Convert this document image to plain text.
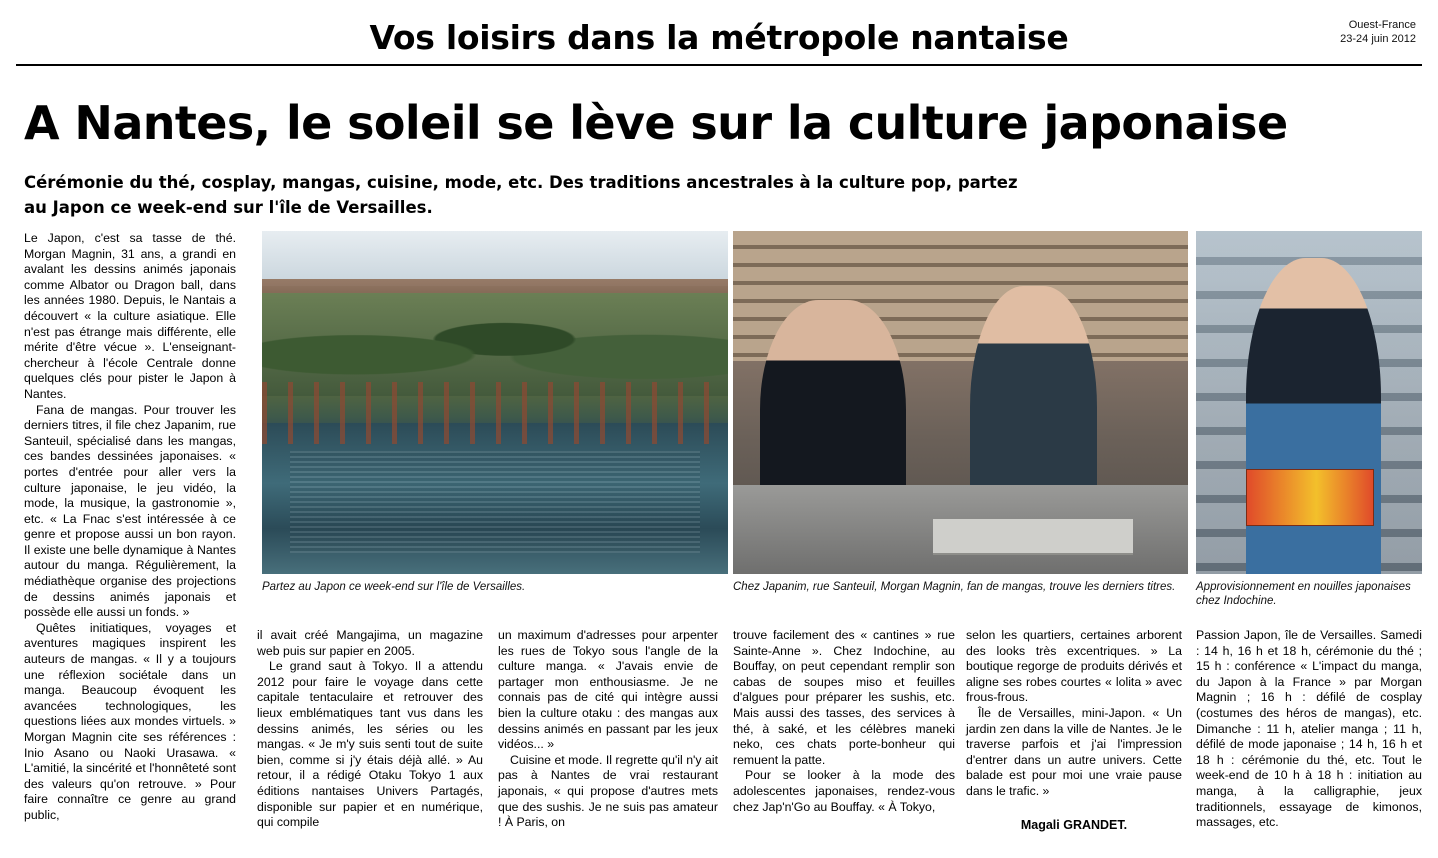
Vos loisirs dans la métropole nantaise	Ouest-France
23-24 juin 2012
A Nantes, le soleil se lève sur la culture japonaise
Cérémonie du thé, cosplay, mangas, cuisine, mode, etc. Des traditions ancestrales à la culture pop, partez au Japon ce week-end sur l'île de Versailles.
Partez au Japon ce week-end sur l'île de Versailles.	Chez Japanim, rue Santeuil, Morgan Magnin, fan de mangas, trouve les derniers titres.	Approvisionnement en nouilles japonaises chez Indochine.

Le Japon, c'est sa tasse de thé. Morgan Magnin, 31 ans, a grandi en avalant les dessins animés japonais comme Albator ou Dragon ball, dans les années 1980. Depuis, le Nantais a découvert « la culture asiatique. Elle n'est pas étrange mais différente, elle mérite d'être vécue ». L'enseignant-chercheur à l'école Centrale donne quelques clés pour pister le Japon à Nantes.

Fana de mangas. Pour trouver les derniers titres, il file chez Japanim, rue Santeuil, spécialisé dans les mangas, ces bandes dessinées japonaises. « portes d'entrée pour aller vers la culture japonaise, le jeu vidéo, la mode, la musique, la gastronomie », etc. « La Fnac s'est intéressée à ce genre et propose aussi un bon rayon. Il existe une belle dynamique à Nantes autour du manga. Régulièrement, la médiathèque organise des projections de dessins animés japonais et possède elle aussi un fonds. »

Quêtes initiatiques, voyages et aventures magiques inspirent les auteurs de mangas. « Il y a toujours une réflexion sociétale dans un manga. Beaucoup évoquent les avancées technologiques, les questions liées aux mondes virtuels. » Morgan Magnin cite ses références : Inio Asano ou Naoki Urasawa. « L'amitié, la sincérité et l'honnêteté sont des valeurs qu'on retrouve. » Pour faire connaître ce genre au grand public,

il avait créé Mangajima, un magazine web puis sur papier en 2005.

Le grand saut à Tokyo. Il a attendu 2012 pour faire le voyage dans cette capitale tentaculaire et retrouver des lieux emblématiques tant vus dans les dessins animés, les séries ou les mangas. « Je m'y suis senti tout de suite bien, comme si j'y étais déjà allé. » Au retour, il a rédigé Otaku Tokyo 1 aux éditions nantaises Univers Partagés, disponible sur papier et en numérique, qui compile

un maximum d'adresses pour arpenter les rues de Tokyo sous l'angle de la culture manga. « J'avais envie de partager mon enthousiasme. Je ne connais pas de cité qui intègre aussi bien la culture otaku : des mangas aux dessins animés en passant par les jeux vidéos... »

Cuisine et mode. Il regrette qu'il n'y ait pas à Nantes de vrai restaurant japonais, « qui propose d'autres mets que des sushis. Je ne suis pas amateur ! À Paris, on

trouve facilement des « cantines » rue Sainte-Anne ». Chez Indochine, au Bouffay, on peut cependant remplir son cabas de soupes miso et feuilles d'algues pour préparer les sushis, etc. Mais aussi des tasses, des services à thé, à saké, et les célèbres maneki neko, ces chats porte-bonheur qui remuent la patte.

Pour se looker à la mode des adolescentes japonaises, rendez-vous chez Jap'n'Go au Bouffay. « À Tokyo,

selon les quartiers, certaines arborent des looks très excentriques. » La boutique regorge de produits dérivés et aligne ses robes courtes « lolita » avec frous-frous.

Île de Versailles, mini-Japon. « Un jardin zen dans la ville de Nantes. Je le traverse parfois et j'ai l'impression d'entrer dans un autre univers. Cette balade est pour moi une vraie pause dans le trafic. »

Passion Japon, île de Versailles. Samedi : 14 h, 16 h et 18 h, cérémonie du thé ; 15 h : conférence « L'impact du manga, du Japon à la France » par Morgan Magnin ; 16 h : défilé de cosplay (costumes des héros de mangas), etc. Dimanche : 11 h, atelier manga ; 11 h, défilé de mode japonaise ; 14 h, 16 h et 18 h : cérémonie du thé, etc. Tout le week-end de 10 h à 18 h : initiation au manga, à la calligraphie, jeux traditionnels, essayage de kimonos, massages, etc.

Magali GRANDET.
